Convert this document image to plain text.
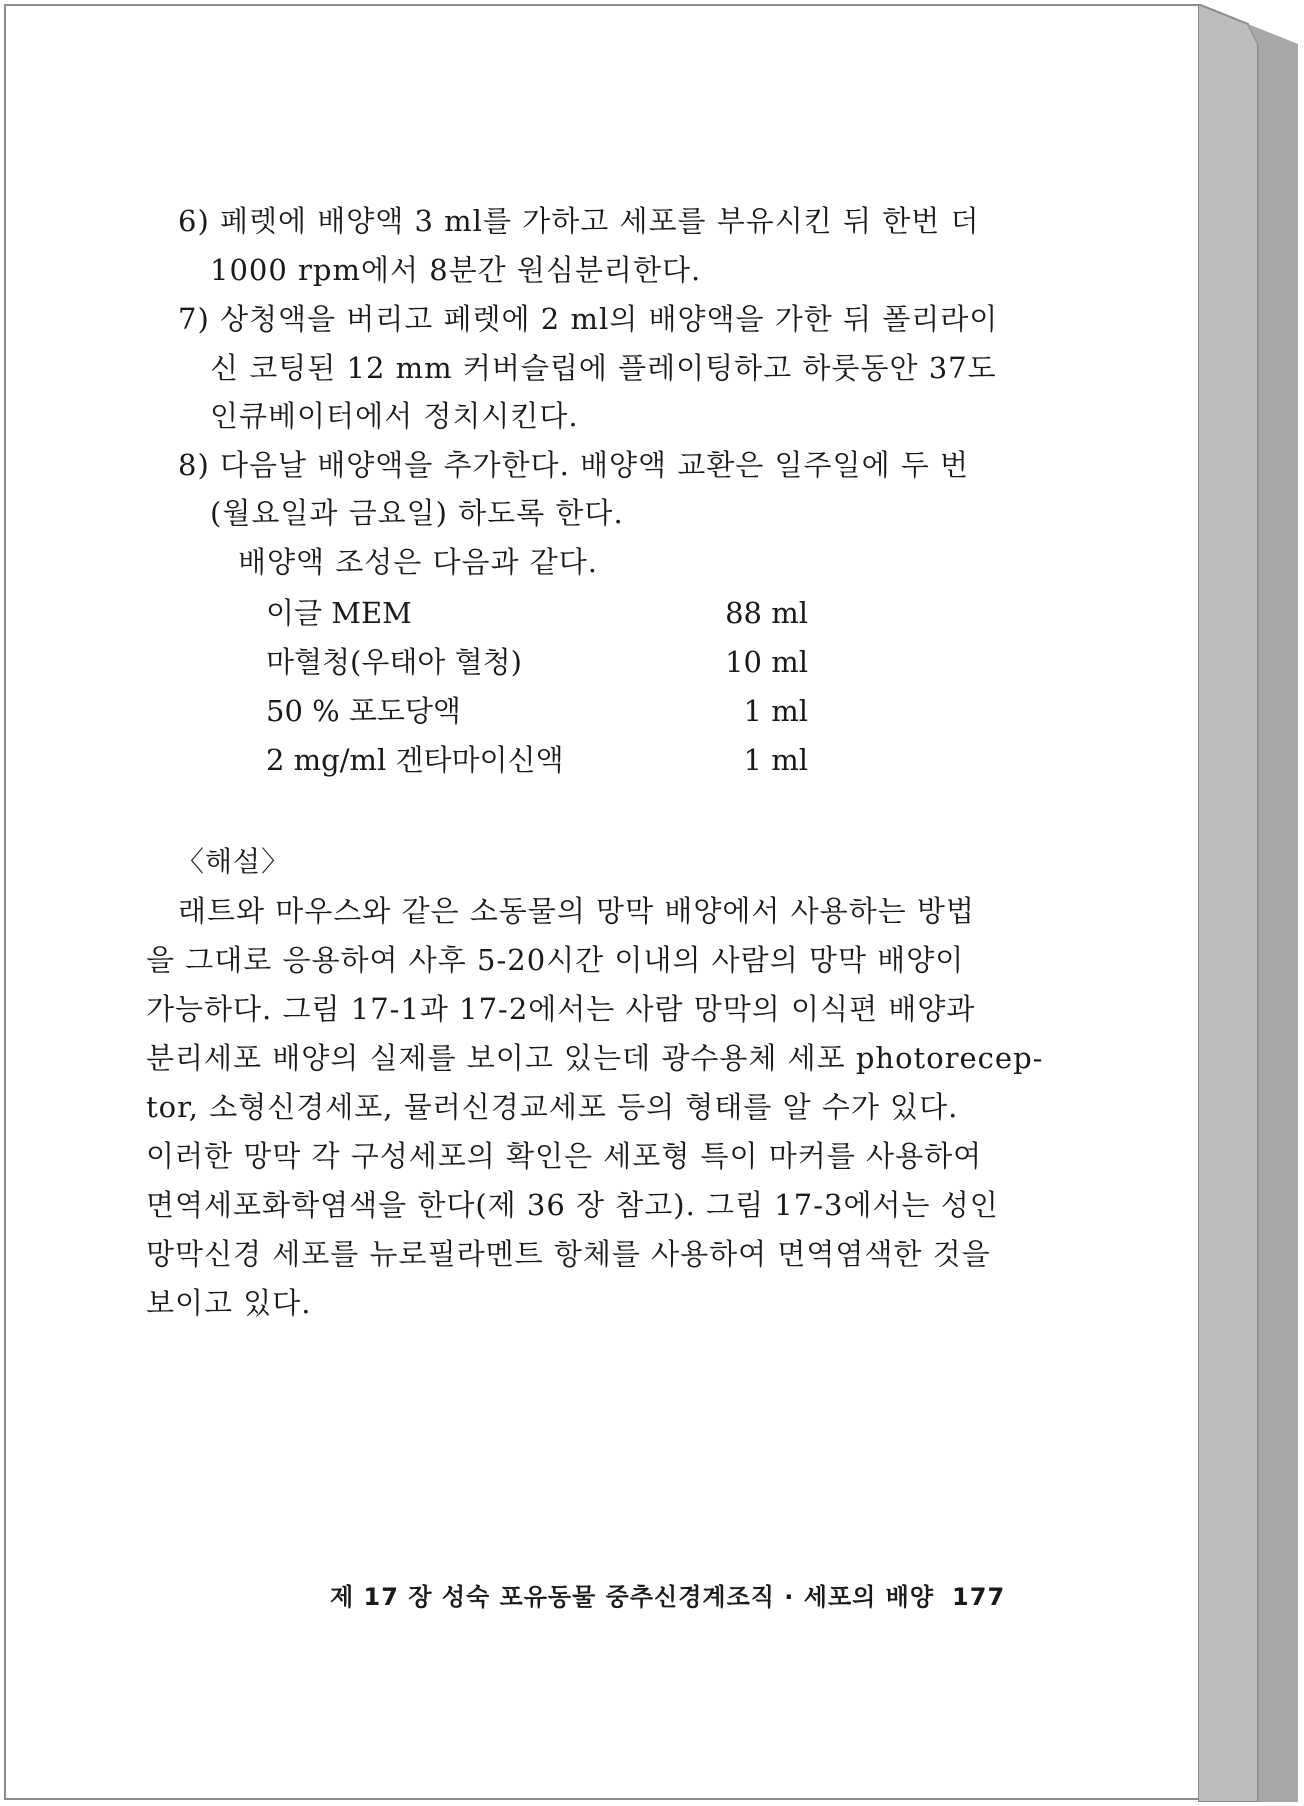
6) 페렛에 배양액 3 ml를 가하고 세포를 부유시킨 뒤 한번 더
1000 rpm에서 8분간 원심분리한다.
7) 상청액을 버리고 페렛에 2 ml의 배양액을 가한 뒤 폴리라이
신 코팅된 12 mm 커버슬립에 플레이팅하고 하룻동안 37도
인큐베이터에서 정치시킨다.
8) 다음날 배양액을 추가한다. 배양액 교환은 일주일에 두 번
(월요일과 금요일) 하도록 한다.
배양액 조성은 다음과 같다.
이글 MEM	88 ml
마혈청(우태아 혈청)	10 ml
50 % 포도당액	1 ml
2 mg/ml 겐타마이신액	1 ml
〈해설〉
래트와 마우스와 같은 소동물의 망막 배양에서 사용하는 방법
을 그대로 응용하여 사후 5-20시간 이내의 사람의 망막 배양이
가능하다. 그림 17-1과 17-2에서는 사람 망막의 이식편 배양과
분리세포 배양의 실제를 보이고 있는데 광수용체 세포 photorecep-
tor, 소형신경세포, 뮬러신경교세포 등의 형태를 알 수가 있다.
이러한 망막 각 구성세포의 확인은 세포형 특이 마커를 사용하여
면역세포화학염색을 한다(제 36 장 참고). 그림 17-3에서는 성인
망막신경 세포를 뉴로필라멘트 항체를 사용하여 면역염색한 것을
보이고 있다.
제 17 장 성숙 포유동물 중추신경계조직 · 세포의 배양 177
